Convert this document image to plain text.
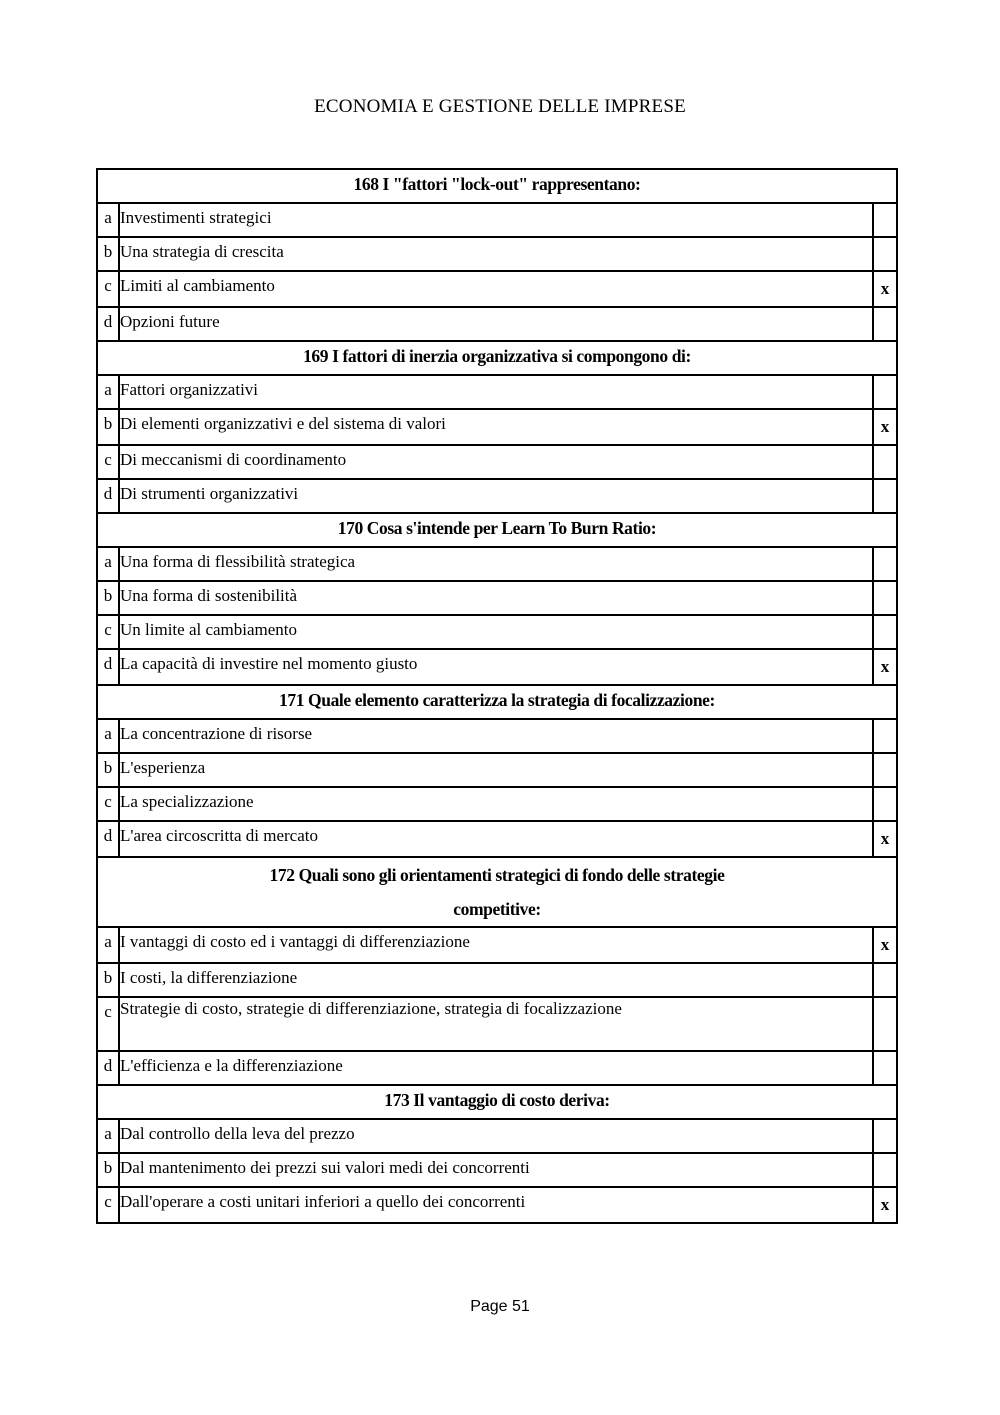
ECONOMIA E GESTIONE DELLE IMPRESE
168 I "fattori "lock-out" rappresentano:		
a	Investimenti strategici	
b	Una strategia di crescita	
c	Limiti al cambiamento	x
d	Opzioni future	
169 I fattori di inerzia organizzativa si compongono di:		
a	Fattori organizzativi	
b	Di elementi organizzativi e del sistema di valori	x
c	Di meccanismi di coordinamento	
d	Di strumenti organizzativi	
170 Cosa s'intende per Learn To Burn Ratio:		
a	Una forma di flessibilità strategica	
b	Una forma di sostenibilità	
c	Un limite al cambiamento	
d	La capacità di investire nel momento giusto	x
171 Quale elemento caratterizza la strategia di focalizzazione:		
a	La concentrazione di risorse	
b	L'esperienza	
c	La specializzazione	
d	L'area circoscritta di mercato	x

172 Quali sono gli orientamenti strategici di fondo delle strategie
competitive:		

a	I vantaggi di costo ed i vantaggi di differenziazione	x
b	I costi, la differenziazione	
c	Strategie di costo, strategie di differenziazione, strategia di focalizzazione	
d	L'efficienza e la differenziazione	
173 Il vantaggio di costo deriva:		
a	Dal controllo della leva del prezzo	
b	Dal mantenimento dei prezzi sui valori medi dei concorrenti	
c	Dall'operare a costi unitari inferiori a quello dei concorrenti	x
Page 51
